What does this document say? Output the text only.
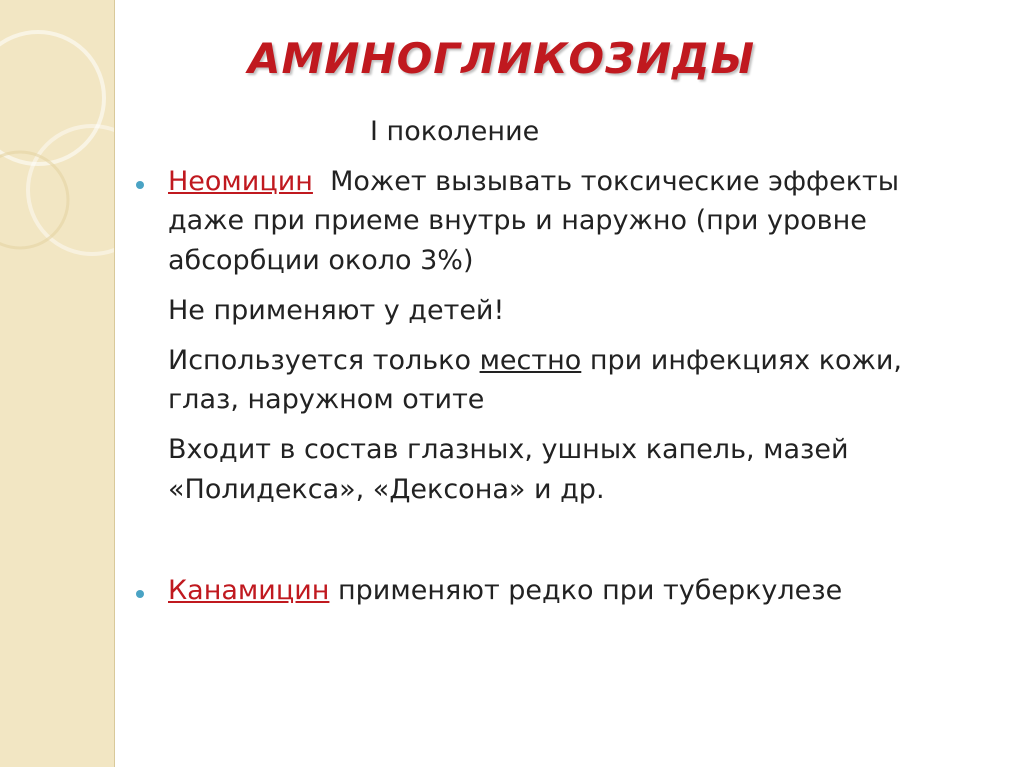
АМИНОГЛИКОЗИДЫ
I поколение
Неомицин  Может вызывать токсические эффекты
даже при приеме внутрь и наружно (при уровне
абсорбции около 3%)
Не применяют у детей!
Используется только местно при инфекциях кожи,
глаз, наружном отите
Входит в состав глазных, ушных капель, мазей
«Полидекса», «Дексона» и др.
Канамицин применяют редко при туберкулезе
